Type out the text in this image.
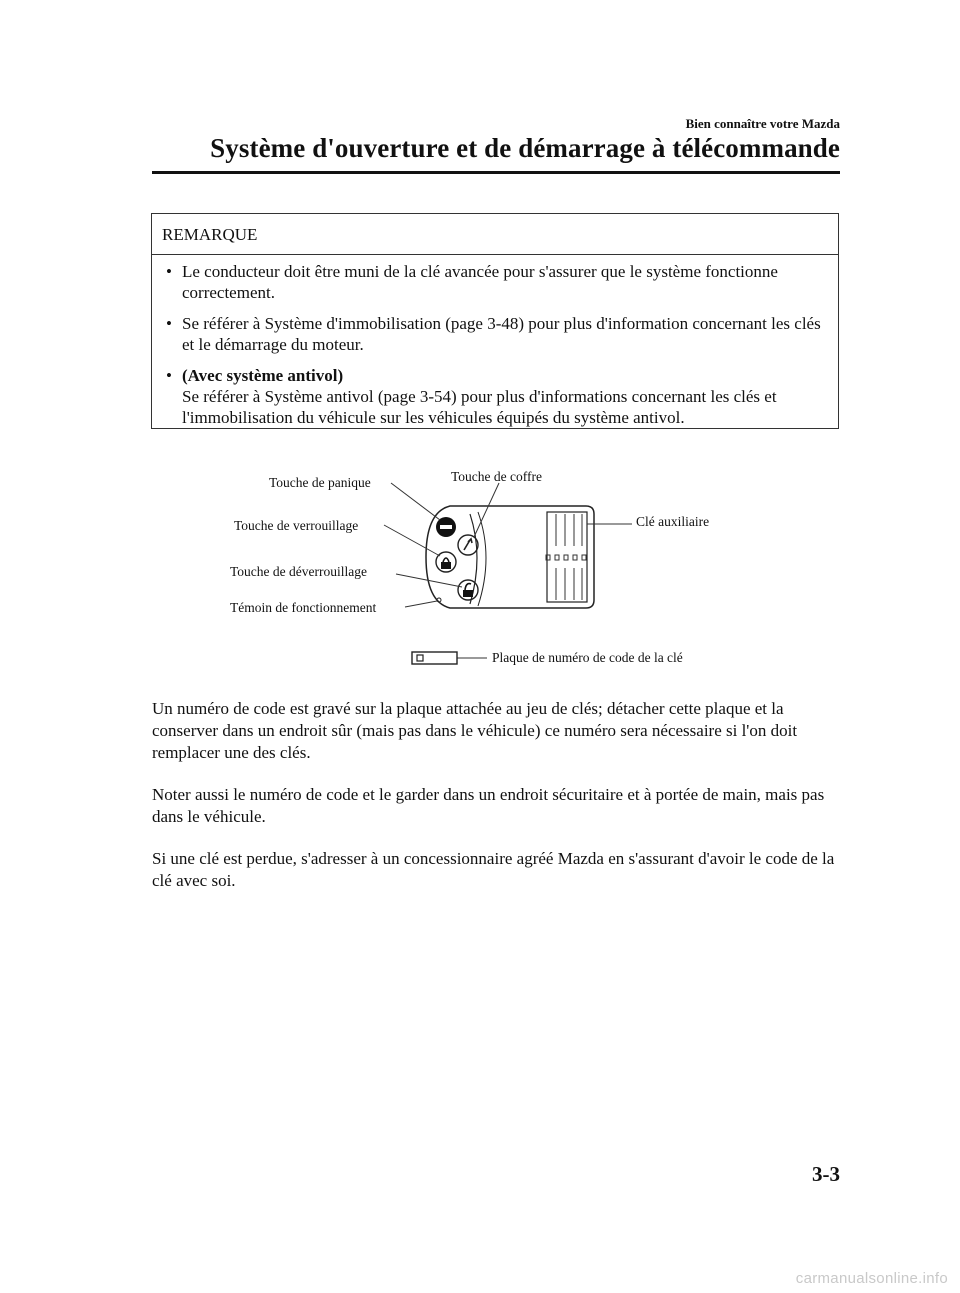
Bien connaître votre Mazda
Système d'ouverture et de démarrage à télécommande
REMARQUE
• Le conducteur doit être muni de la clé avancée pour s'assurer que le système fonctionne correctement.
• Se référer à Système d'immobilisation (page 3-48) pour plus d'information concernant les clés et le démarrage du moteur.
• (Avec système antivol)
Se référer à Système antivol (page 3-54) pour plus d'informations concernant les clés et l'immobilisation du véhicule sur les véhicules équipés du système antivol.
Touche de panique	Touche de coffre
Touche de verrouillage	Clé auxiliaire
Touche de déverrouillage
Témoin de fonctionnement
Plaque de numéro de code de la clé

Un numéro de code est gravé sur la plaque attachée au jeu de clés; détacher cette plaque et la conserver dans un endroit sûr (mais pas dans le véhicule) ce numéro sera nécessaire si l'on doit remplacer une des clés.

Noter aussi le numéro de code et le garder dans un endroit sécuritaire et à portée de main, mais pas dans le véhicule.

Si une clé est perdue, s'adresser à un concessionnaire agréé Mazda en s'assurant d'avoir le code de la clé avec soi.

3-3
carmanualsonline.info
